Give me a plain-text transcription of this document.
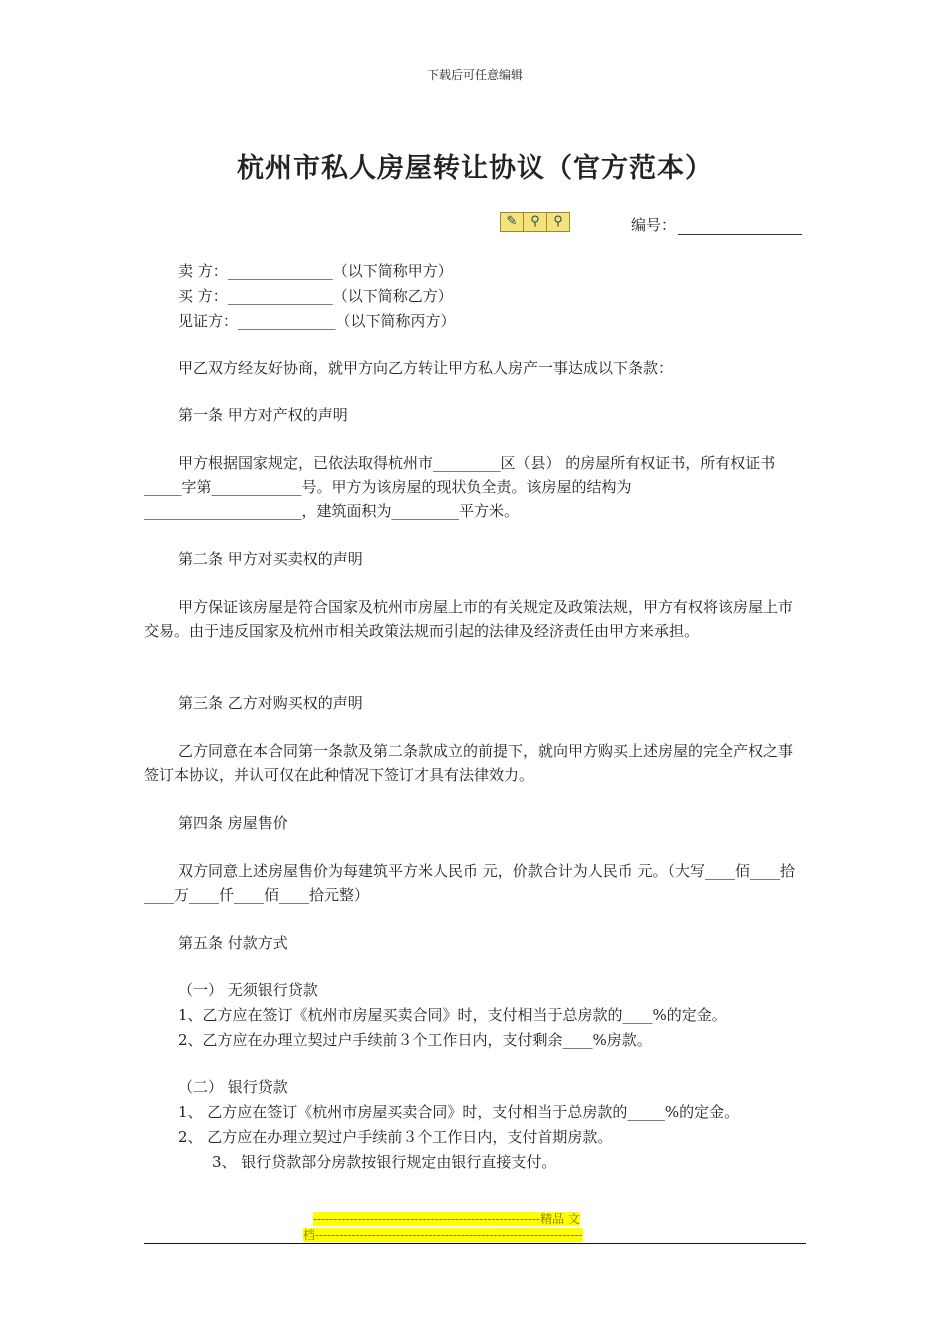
下载后可任意编辑
杭州市私人房屋转让协议（官方范本）
✎ ⚲	⚲	编号：
卖 方：______________（以下简称甲方）
买 方：______________（以下简称乙方）
见证方：_____________（以下简称丙方）
甲乙双方经友好协商，就甲方向乙方转让甲方私人房产一事达成以下条款：
第一条 甲方对产权的声明
甲方根据国家规定，已依法取得杭州市_________区（县） 的房屋所有权证书，所有权证书_____字第____________号。甲方为该房屋的现状负全责。该房屋的结构为 _____________________，建筑面积为_________平方米。
第二条 甲方对买卖权的声明
甲方保证该房屋是符合国家及杭州市房屋上市的有关规定及政策法规，甲方有权将该房屋上市交易。由于违反国家及杭州市相关政策法规而引起的法律及经济责任由甲方来承担。
第三条 乙方对购买权的声明
乙方同意在本合同第一条款及第二条款成立的前提下，就向甲方购买上述房屋的完全产权之事签订本协议，并认可仅在此种情况下签订才具有法律效力。
第四条 房屋售价
双方同意上述房屋售价为每建筑平方米人民币 元，价款合计为人民币 元。（大写____佰____拾____万____仟____佰____拾元整）
第五条 付款方式
（一） 无须银行贷款
1、乙方应在签订《杭州市房屋买卖合同》时，支付相当于总房款的____%的定金。
2、乙方应在办理立契过户手续前３个工作日内，支付剩余____%房款。
（二） 银行贷款
1、 乙方应在签订《杭州市房屋买卖合同》时，支付相当于总房款的_____%的定金。
2、 乙方应在办理立契过户手续前３个工作日内，支付首期房款。
3、 银行贷款部分房款按银行规定由银行直接支付。
--------------------------------------------------------精品 文
档------------------------------------------------------------------
